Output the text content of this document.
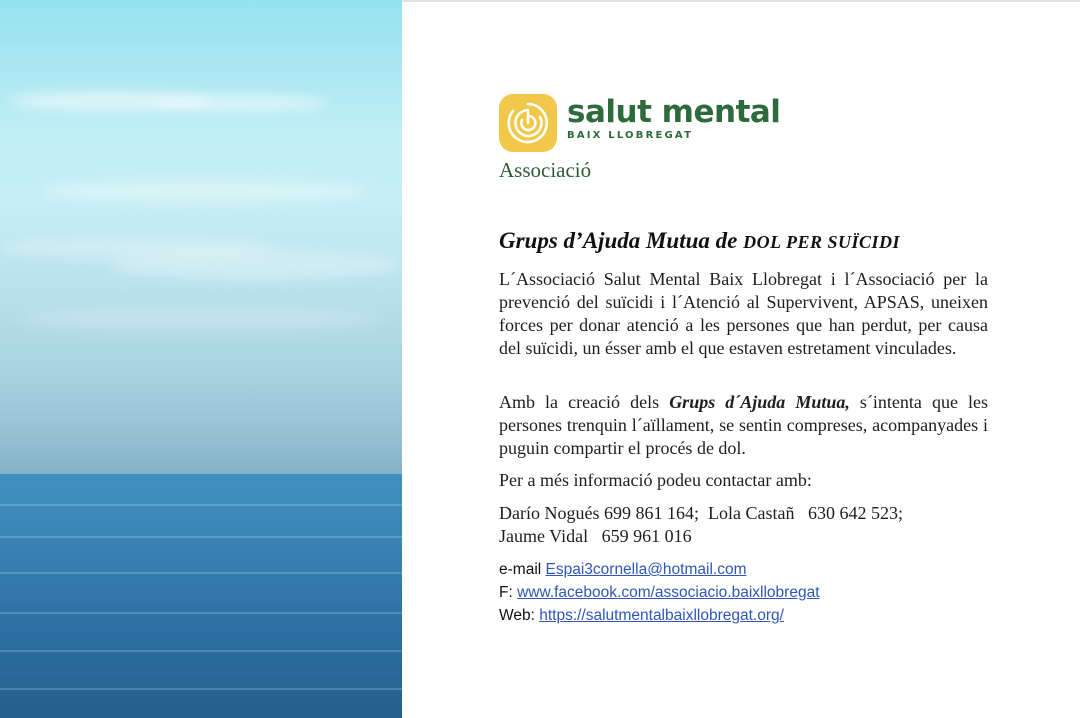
salut mental
BAIX LLOBREGAT
Associació
Grups d’Ajuda Mutua de DOL PER SUÏCIDI

L´Associació Salut Mental Baix Llobregat i l´Associació per la prevenció del suïcidi i l´Atenció al Supervivent, APSAS, uneixen forces per donar atenció a les persones que han perdut, per causa del suïcidi, un ésser amb el que estaven estretament vinculades.

Amb la creació dels Grups d´Ajuda Mutua, s´intenta que les persones trenquin l´aïllament, se sentin compreses, acompanyades i puguin compartir el procés de dol.

Per a més informació podeu contactar amb:

Darío Nogués 699 861 164;  Lola Castañ   630 642 523;
Jaume Vidal   659 961 016
e-mail Espai3cornella@hotmail.com
F: www.facebook.com/associacio.baixllobregat
Web: https://salutmentalbaixllobregat.org/
